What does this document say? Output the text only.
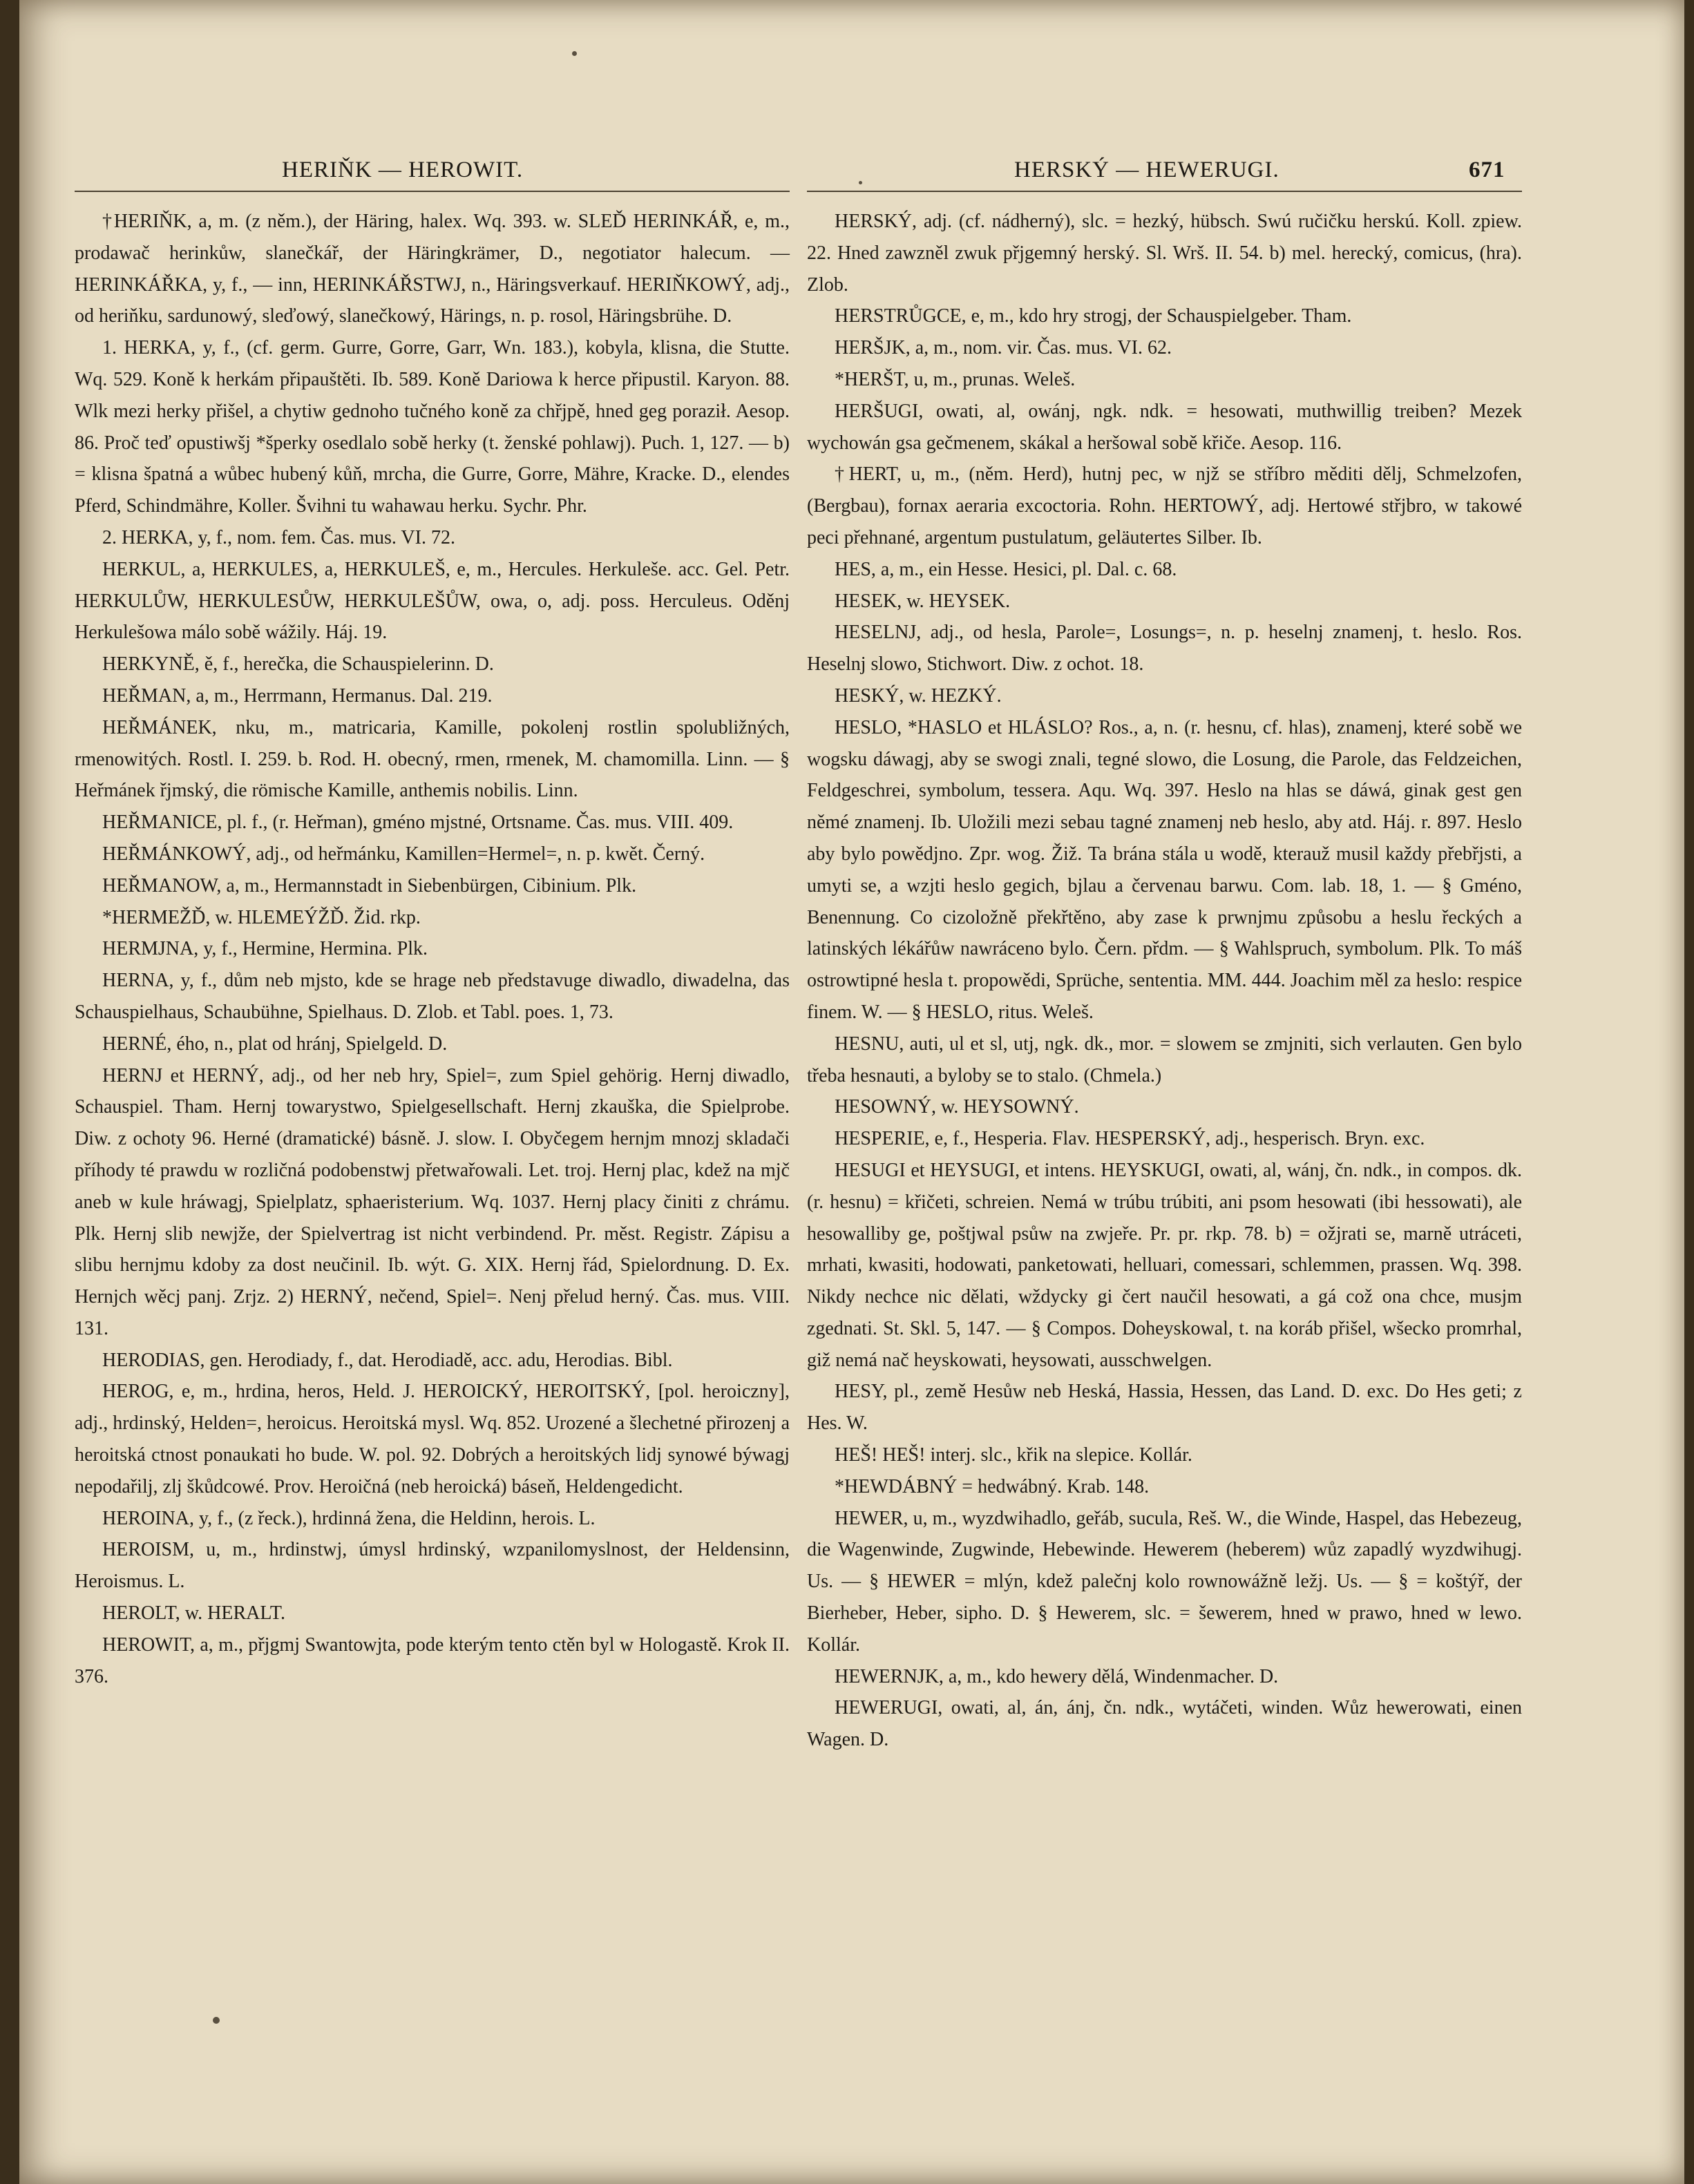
HERIŇK — HEROWIT.	HERSKÝ — HEWERUGI.	671

†HERIŇK, a, m. (z něm.), der Häring, halex. Wq. 393. w. SLEĎ HERINKÁŘ, e, m., prodawač herinkůw, slanečkář, der Häringkrämer, D., negotiator halecum. — HERINKÁŘKA, y, f., — inn, HERINKÁŘSTWJ, n., Häringsverkauf. HERIŇKOWÝ, adj., od heriňku, sardunowý, sleďowý, slanečkowý, Härings, n. p. rosol, Häringsbrühe. D.

1. HERKA, y, f., (cf. germ. Gurre, Gorre, Garr, Wn. 183.), kobyla, klisna, die Stutte. Wq. 529. Koně k herkám připauštěti. Ib. 589. Koně Dariowa k herce připustil. Karyon. 88. Wlk mezi herky přišel, a chytiw gednoho tučného koně za chřjpě, hned geg poraził. Aesop. 86. Proč teď opustiwšj *šperky osedlalo sobě herky (t. ženské pohlawj). Puch. 1, 127. — b) = klisna špatná a wůbec hubený kůň, mrcha, die Gurre, Gorre, Mähre, Kracke. D., elendes Pferd, Schindmähre, Koller. Švihni tu wahawau herku. Sychr. Phr.

2. HERKA, y, f., nom. fem. Čas. mus. VI. 72.

HERKUL, a, HERKULES, a, HERKULEŠ, e, m., Hercules. Herkuleše. acc. Gel. Petr. HERKULŮW, HERKULESŮW, HERKULEŠŮW, owa, o, adj. poss. Herculeus. Oděnj Herkulešowa málo sobě wážily. Háj. 19.

HERKYNĚ, ě, f., herečka, die Schauspielerinn. D.

HEŘMAN, a, m., Herrmann, Hermanus. Dal. 219.

HEŘMÁNEK, nku, m., matricaria, Kamille, pokolenj rostlin spolubližných, rmenowitých. Rostl. I. 259. b. Rod. H. obecný, rmen, rmenek, M. chamomilla. Linn. — § Heřmánek řjmský, die römische Kamille, anthemis nobilis. Linn.

HEŘMANICE, pl. f., (r. Heřman), gméno mjstné, Ortsname. Čas. mus. VIII. 409.

HEŘMÁNKOWÝ, adj., od heřmánku, Kamillen=Hermel=, n. p. kwět. Černý.

HEŘMANOW, a, m., Hermannstadt in Siebenbürgen, Cibinium. Plk.

*HERMEŽĎ, w. HLEMEÝŽĎ. Žid. rkp.

HERMJNA, y, f., Hermine, Hermina. Plk.

HERNA, y, f., dům neb mjsto, kde se hrage neb představuge diwadlo, diwadelna, das Schauspielhaus, Schaubühne, Spielhaus. D. Zlob. et Tabl. poes. 1, 73.

HERNÉ, ého, n., plat od hránj, Spielgeld. D.

HERNJ et HERNÝ, adj., od her neb hry, Spiel=, zum Spiel gehörig. Hernj diwadlo, Schauspiel. Tham. Hernj towarystwo, Spielgesellschaft. Hernj zkauška, die Spielprobe. Diw. z ochoty 96. Herné (dramatické) básně. J. slow. I. Obyčegem hernjm mnozj skladači příhody té prawdu w rozličná podobenstwj přetwařowali. Let. troj. Hernj plac, kdež na mjč aneb w kule hráwagj, Spielplatz, sphaeristerium. Wq. 1037. Hernj placy činiti z chrámu. Plk. Hernj slib newjže, der Spielvertrag ist nicht verbindend. Pr. měst. Registr. Zápisu a slibu hernjmu kdoby za dost neučinil. Ib. wýt. G. XIX. Hernj řád, Spielordnung. D. Ex. Hernjch wěcj panj. Zrjz. 2) HERNÝ, nečend, Spiel=. Nenj přelud herný. Čas. mus. VIII. 131.

HERODIAS, gen. Herodiady, f., dat. Herodiadě, acc. adu, Herodias. Bibl.

HEROG, e, m., hrdina, heros, Held. J. HEROICKÝ, HEROITSKÝ, [pol. heroiczny], adj., hrdinský, Helden=, heroicus. Heroitská mysl. Wq. 852. Urozené a šlechetné přirozenj a heroitská ctnost ponaukati ho bude. W. pol. 92. Dobrých a heroitských lidj synowé býwagj nepodařilj, zlj škůdcowé. Prov. Heroičná (neb heroická) báseň, Heldengedicht.

HEROINA, y, f., (z řeck.), hrdinná žena, die Heldinn, herois. L.

HEROISM, u, m., hrdinstwj, úmysl hrdinský, wzpanilomyslnost, der Heldensinn, Heroismus. L.

HEROLT, w. HERALT.

HEROWIT, a, m., přjgmj Swantowjta, pode kterým tento ctěn byl w Hologastě. Krok II. 376.

HERSKÝ, adj. (cf. nádherný), slc. = hezký, hübsch. Swú ručičku herskú. Koll. zpiew. 22. Hned zawzněl zwuk přjgemný herský. Sl. Wrš. II. 54. b) mel. herecký, comicus, (hra). Zlob.

HERSTRŮGCE, e, m., kdo hry strogj, der Schauspielgeber. Tham.

HERŠJK, a, m., nom. vir. Čas. mus. VI. 62.

*HERŠT, u, m., prunas. Weleš.

HERŠUGI, owati, al, owánj, ngk. ndk. = hesowati, muthwillig treiben? Mezek wychowán gsa gečmenem, skákal a heršowal sobě křiče. Aesop. 116.

†HERT, u, m., (něm. Herd), hutnj pec, w njž se stříbro měditi dělj, Schmelzofen, (Bergbau), fornax aeraria excoctoria. Rohn. HERTOWÝ, adj. Hertowé střjbro, w takowé peci přehnané, argentum pustulatum, geläutertes Silber. Ib.

HES, a, m., ein Hesse. Hesici, pl. Dal. c. 68.

HESEK, w. HEYSEK.

HESELNJ, adj., od hesla, Parole=, Losungs=, n. p. heselnj znamenj, t. heslo. Ros. Heselnj slowo, Stichwort. Diw. z ochot. 18.

HESKÝ, w. HEZKÝ.

HESLO, *HASLO et HLÁSLO? Ros., a, n. (r. hesnu, cf. hlas), znamenj, které sobě we wogsku dáwagj, aby se swogi znali, tegné slowo, die Losung, die Parole, das Feldzeichen, Feldgeschrei, symbolum, tessera. Aqu. Wq. 397. Heslo na hlas se dáwá, ginak gest gen němé znamenj. Ib. Uložili mezi sebau tagné znamenj neb heslo, aby atd. Háj. r. 897. Heslo aby bylo powědjno. Zpr. wog. Žiž. Ta brána stála u wodě, kterauž musil každy přebřjsti, a umyti se, a wzjti heslo gegich, bjlau a červenau barwu. Com. lab. 18, 1. — § Gméno, Benennung. Co cizoložně překřtěno, aby zase k prwnjmu způsobu a heslu řeckých a latinských lékářůw nawráceno bylo. Čern. přdm. — § Wahlspruch, symbolum. Plk. To máš ostrowtipné hesla t. propowědi, Sprüche, sententia. MM. 444. Joachim měl za heslo: respice finem. W. — § HESLO, ritus. Weleš.

HESNU, auti, ul et sl, utj, ngk. dk., mor. = slowem se zmjniti, sich verlauten. Gen bylo třeba hesnauti, a byloby se to stalo. (Chmela.)

HESOWNÝ, w. HEYSOWNÝ.

HESPERIE, e, f., Hesperia. Flav. HESPERSKÝ, adj., hesperisch. Bryn. exc.

HESUGI et HEYSUGI, et intens. HEYSKUGI, owati, al, wánj, čn. ndk., in compos. dk. (r. hesnu) = křičeti, schreien. Nemá w trúbu trúbiti, ani psom hesowati (ibi hessowati), ale hesowalliby ge, poštjwal psůw na zwjeře. Pr. pr. rkp. 78. b) = ožjrati se, marně utráceti, mrhati, kwasiti, hodowati, panketowati, helluari, comessari, schlemmen, prassen. Wq. 398. Nikdy nechce nic dělati, wždycky gi čert naučil hesowati, a gá což ona chce, musjm zgednati. St. Skl. 5, 147. — § Compos. Doheyskowal, t. na koráb přišel, wšecko promrhal, giž nemá nač heyskowati, heysowati, ausschwelgen.

HESY, pl., země Hesůw neb Heská, Hassia, Hessen, das Land. D. exc. Do Hes geti; z Hes. W.

HEŠ! HEŠ! interj. slc., křik na slepice. Kollár.

*HEWDÁBNÝ = hedwábný. Krab. 148.

HEWER, u, m., wyzdwihadlo, geřáb, sucula, Reš. W., die Winde, Haspel, das Hebezeug, die Wagenwinde, Zugwinde, Hebewinde. Hewerem (heberem) wůz zapadlý wyzdwihugj. Us. — § HEWER = mlýn, kdež palečnj kolo rownowážně ležj. Us. — § = koštýř, der Bierheber, Heber, sipho. D. § Hewerem, slc. = šewerem, hned w prawo, hned w lewo. Kollár.

HEWERNJK, a, m., kdo hewery dělá, Windenmacher. D.

HEWERUGI, owati, al, án, ánj, čn. ndk., wytáčeti, winden. Wůz hewerowati, einen Wagen. D.
